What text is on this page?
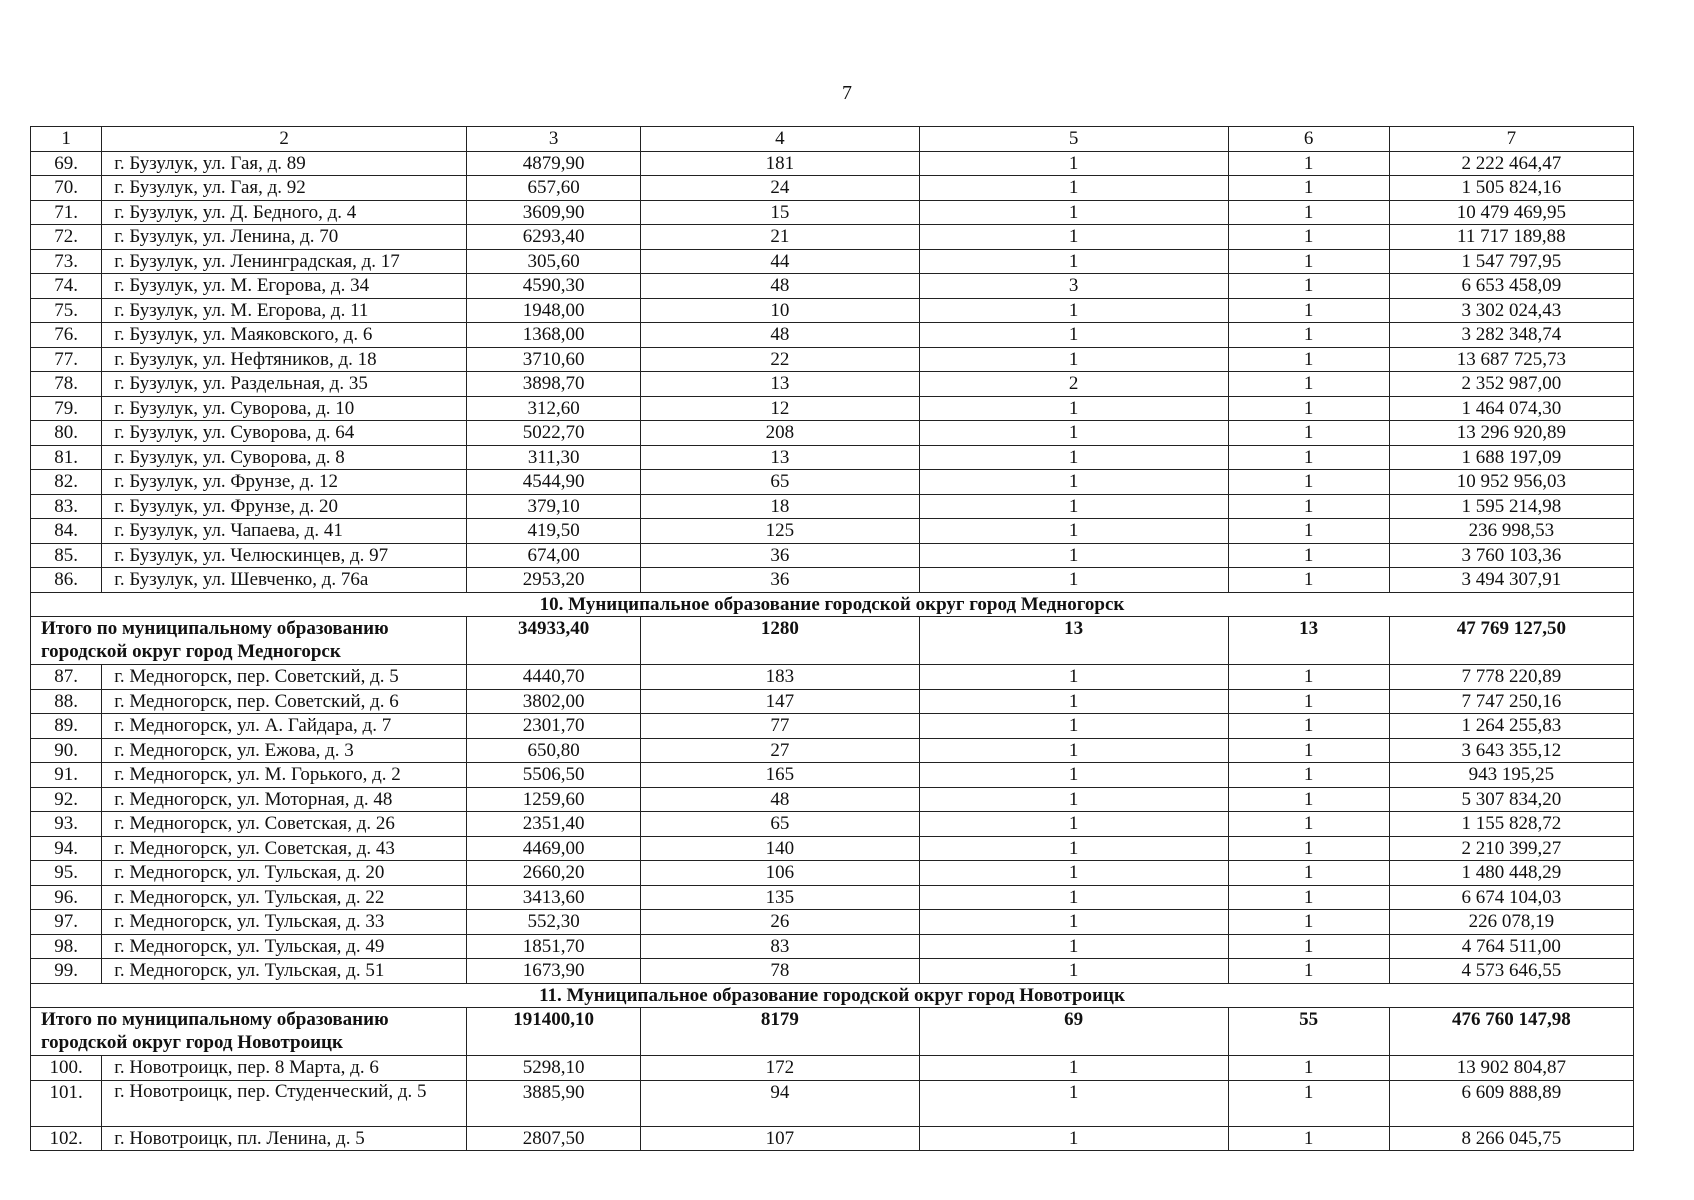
7
1	2	3	4	5	6	7
69.	г. Бузулук, ул. Гая, д. 89	4879,90	181	1	1	2 222 464,47
70.	г. Бузулук, ул. Гая, д. 92	657,60	24	1	1	1 505 824,16
71.	г. Бузулук, ул. Д. Бедного, д. 4	3609,90	15	1	1	10 479 469,95
72.	г. Бузулук, ул. Ленина, д. 70	6293,40	21	1	1	11 717 189,88
73.	г. Бузулук, ул. Ленинградская, д. 17	305,60	44	1	1	1 547 797,95
74.	г. Бузулук, ул. М. Егорова, д. 34	4590,30	48	3	1	6 653 458,09
75.	г. Бузулук, ул. М. Егорова, д. 11	1948,00	10	1	1	3 302 024,43
76.	г. Бузулук, ул. Маяковского, д. 6	1368,00	48	1	1	3 282 348,74
77.	г. Бузулук, ул. Нефтяников, д. 18	3710,60	22	1	1	13 687 725,73
78.	г. Бузулук, ул. Раздельная, д. 35	3898,70	13	2	1	2 352 987,00
79.	г. Бузулук, ул. Суворова, д. 10	312,60	12	1	1	1 464 074,30
80.	г. Бузулук, ул. Суворова, д. 64	5022,70	208	1	1	13 296 920,89
81.	г. Бузулук, ул. Суворова, д. 8	311,30	13	1	1	1 688 197,09
82.	г. Бузулук, ул. Фрунзе, д. 12	4544,90	65	1	1	10 952 956,03
83.	г. Бузулук, ул. Фрунзе, д. 20	379,10	18	1	1	1 595 214,98
84.	г. Бузулук, ул. Чапаева, д. 41	419,50	125	1	1	236 998,53
85.	г. Бузулук, ул. Челюскинцев, д. 97	674,00	36	1	1	3 760 103,36
86.	г. Бузулук, ул. Шевченко, д. 76а	2953,20	36	1	1	3 494 307,91
10. Муниципальное образование городской округ город Медногорск						
Итого по муниципальному образованию городской округ город Медногорск		34933,40	1280	13	13	47 769 127,50
87.	г. Медногорск, пер. Советский, д. 5	4440,70	183	1	1	7 778 220,89
88.	г. Медногорск, пер. Советский, д. 6	3802,00	147	1	1	7 747 250,16
89.	г. Медногорск, ул. А. Гайдара, д. 7	2301,70	77	1	1	1 264 255,83
90.	г. Медногорск, ул. Ежова, д. 3	650,80	27	1	1	3 643 355,12
91.	г. Медногорск, ул. М. Горького, д. 2	5506,50	165	1	1	943 195,25
92.	г. Медногорск, ул. Моторная, д. 48	1259,60	48	1	1	5 307 834,20
93.	г. Медногорск, ул. Советская, д. 26	2351,40	65	1	1	1 155 828,72
94.	г. Медногорск, ул. Советская, д. 43	4469,00	140	1	1	2 210 399,27
95.	г. Медногорск, ул. Тульская, д. 20	2660,20	106	1	1	1 480 448,29
96.	г. Медногорск, ул. Тульская, д. 22	3413,60	135	1	1	6 674 104,03
97.	г. Медногорск, ул. Тульская, д. 33	552,30	26	1	1	226 078,19
98.	г. Медногорск, ул. Тульская, д. 49	1851,70	83	1	1	4 764 511,00
99.	г. Медногорск, ул. Тульская, д. 51	1673,90	78	1	1	4 573 646,55
11. Муниципальное образование городской округ город Новотроицк						
Итого по муниципальному образованию городской округ город Новотроицк		191400,10	8179	69	55	476 760 147,98
100.	г. Новотроицк, пер. 8 Марта, д. 6	5298,10	172	1	1	13 902 804,87
101.	г. Новотроицк, пер. Студенческий, д. 5	3885,90	94	1	1	6 609 888,89
102.	г. Новотроицк, пл. Ленина, д. 5	2807,50	107	1	1	8 266 045,75
